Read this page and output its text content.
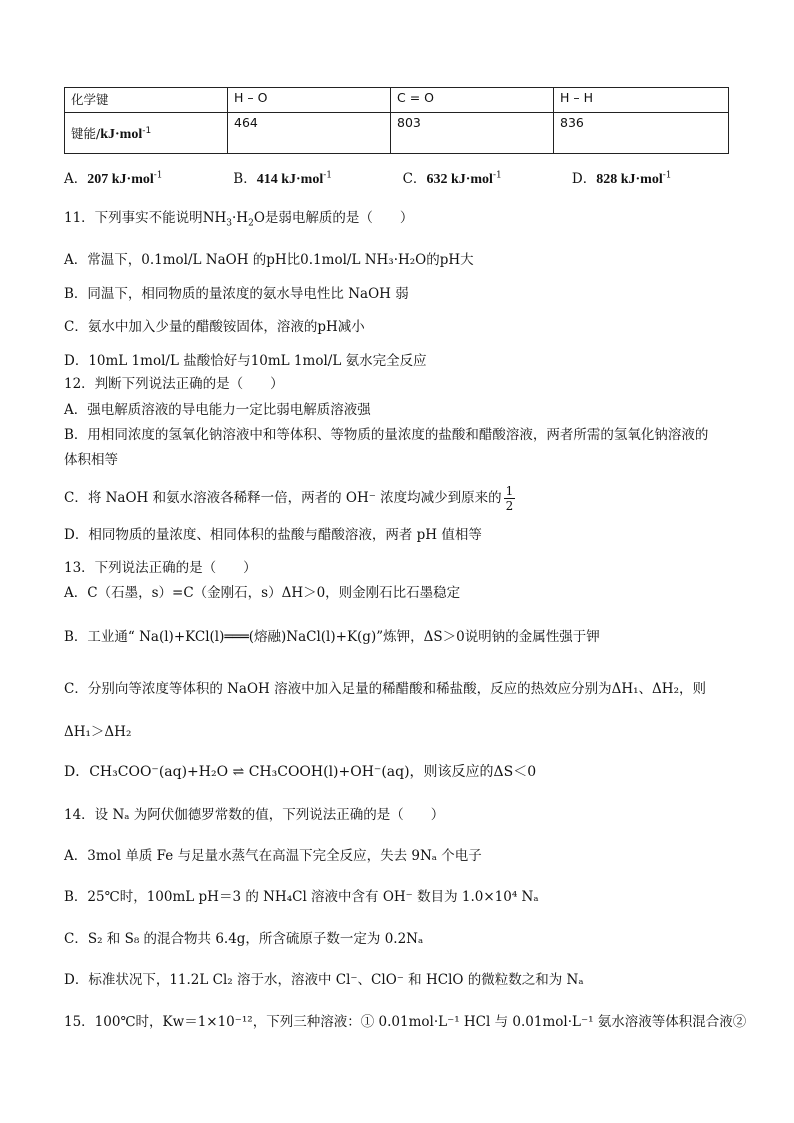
化学键	H – O	C = O	H – H
键能/kJ·mol$^{-1}$	464	803	836
A．207 kJ·mol$^{-1}$	B．414 kJ·mol$^{-1}$	C．632 kJ·mol$^{-1}$	D．828 kJ·mol$^{-1}$
11．下列事实不能说明$NH_3\cdot H_2O$是弱电解质的是（　　）
A．常温下，0.1mol/L NaOH 的pH比0.1mol/L NH₃·H₂O的pH大
B．同温下，相同物质的量浓度的氨水导电性比 NaOH 弱
C．氨水中加入少量的醋酸铵固体，溶液的pH减小
D．10mL 1mol/L 盐酸恰好与10mL 1mol/L 氨水完全反应
12．判断下列说法正确的是（　　）
A．强电解质溶液的导电能力一定比弱电解质溶液强
B．用相同浓度的氢氧化钠溶液中和等体积、等物质的量浓度的盐酸和醋酸溶液，两者所需的氢氧化钠溶液的
体积相等
C．将 NaOH 和氨水溶液各稀释一倍，两者的 OH⁻ 浓度均减少到原来的 $\frac{1}{2}$
D．相同物质的量浓度、相同体积的盐酸与醋酸溶液，两者 pH 值相等
13．下列说法正确的是（　　）
A．C（石墨，s）=C（金刚石，s）ΔH＞0，则金刚石比石墨稳定
B．工业通“ Na(l)+KCl(l)═══(熔融)NaCl(l)+K(g)”炼钾，ΔS＞0说明钠的金属性强于钾
C．分别向等浓度等体积的 NaOH 溶液中加入足量的稀醋酸和稀盐酸，反应的热效应分别为ΔH₁、ΔH₂，则
ΔH₁＞ΔH₂
D．CH₃COO⁻(aq)+H₂O ⇌ CH₃COOH(l)+OH⁻(aq)，则该反应的ΔS＜0
14．设 Nₐ 为阿伏伽德罗常数的值，下列说法正确的是（　　）
A．3mol 单质 Fe 与足量水蒸气在高温下完全反应，失去 9Nₐ 个电子
B．25℃时，100mL pH＝3 的 NH₄Cl 溶液中含有 OH⁻ 数目为 1.0×10⁴ Nₐ
C．S₂ 和 S₈ 的混合物共 6.4g，所含硫原子数一定为 0.2Nₐ
D．标准状况下，11.2L Cl₂ 溶于水，溶液中 Cl⁻、ClO⁻ 和 HClO 的微粒数之和为 Nₐ
15．100℃时，Kw＝1×10⁻¹²，下列三种溶液：① 0.01mol·L⁻¹ HCl 与 0.01mol·L⁻¹ 氨水溶液等体积混合液②
